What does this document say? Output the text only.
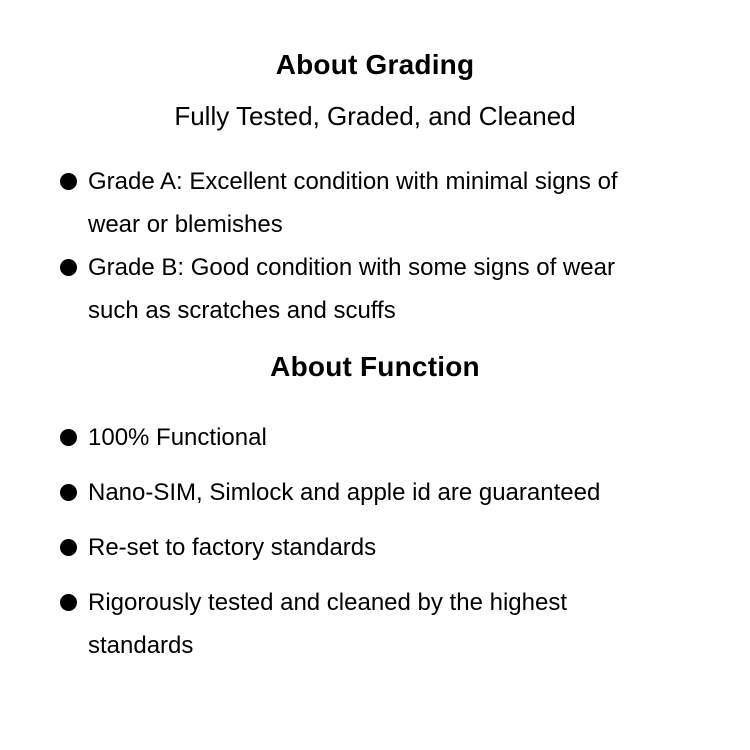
About Grading
Fully Tested, Graded, and Cleaned
Grade A: Excellent condition with minimal signs of
wear or blemishes
Grade B: Good condition with some signs of wear
such as scratches and scuffs
About Function
100% Functional
Nano-SIM, Simlock and apple id are guaranteed
Re-set to factory standards
Rigorously tested and cleaned by the highest
standards
